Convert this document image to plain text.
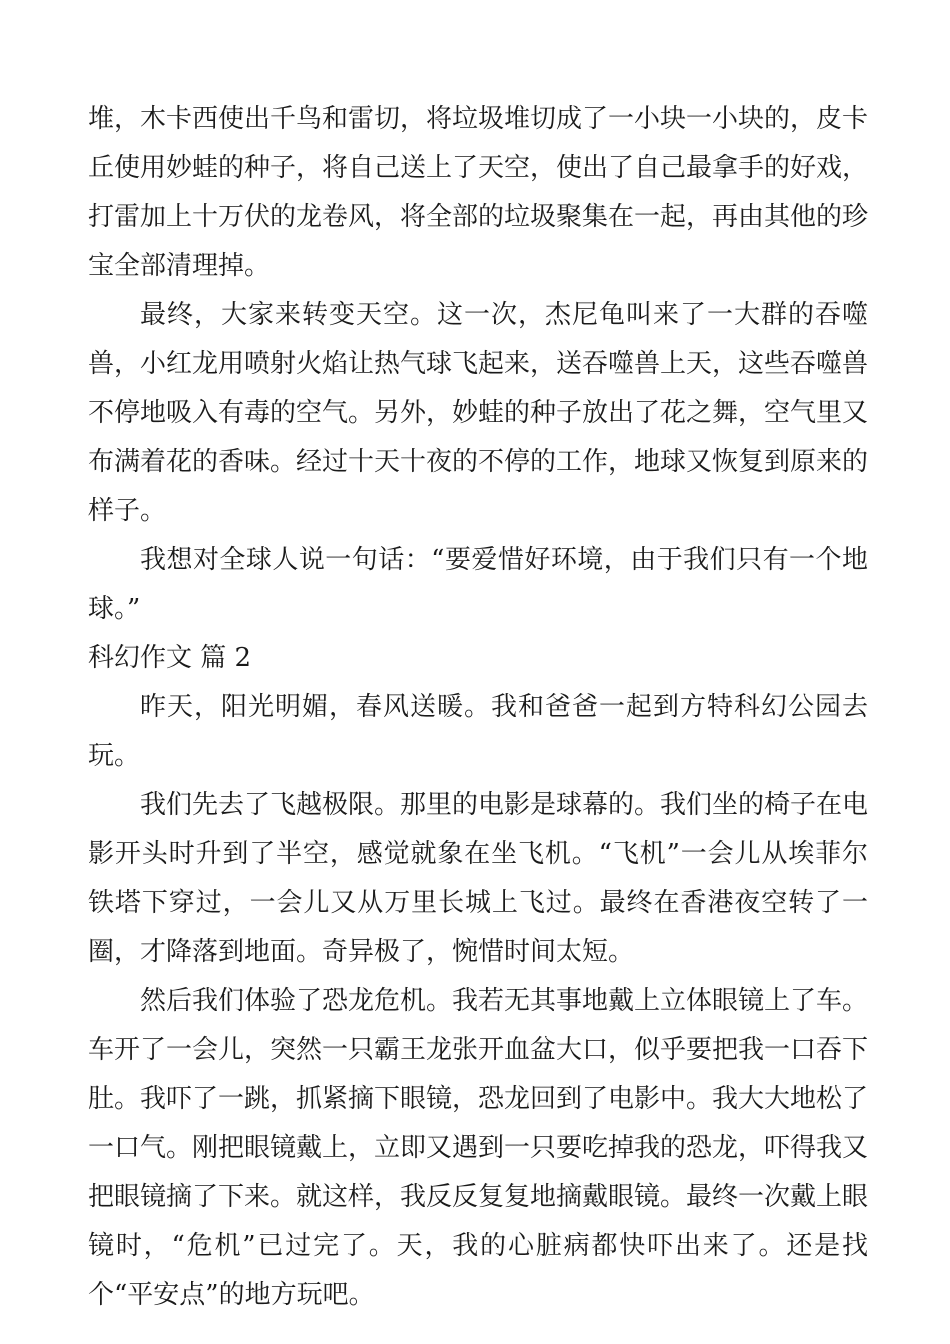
堆，木卡西使出千鸟和雷切，将垃圾堆切成了一小块一小块的，皮卡丘使用妙蛙的种子，将自己送上了天空，使出了自己最拿手的好戏，打雷加上十万伏的龙卷风，将全部的垃圾聚集在一起，再由其他的珍宝全部清理掉。

最终，大家来转变天空。这一次，杰尼龟叫来了一大群的吞噬兽，小红龙用喷射火焰让热气球飞起来，送吞噬兽上天，这些吞噬兽不停地吸入有毒的空气。另外，妙蛙的种子放出了花之舞，空气里又布满着花的香味。经过十天十夜的不停的工作，地球又恢复到原来的样子。

我想对全球人说一句话：“要爱惜好环境，由于我们只有一个地球。”

科幻作文 篇 2

昨天，阳光明媚，春风送暖。我和爸爸一起到方特科幻公园去玩。

我们先去了飞越极限。那里的电影是球幕的。我们坐的椅子在电影开头时升到了半空，感觉就象在坐飞机。“飞机”一会儿从埃菲尔铁塔下穿过，一会儿又从万里长城上飞过。最终在香港夜空转了一圈，才降落到地面。奇异极了，惋惜时间太短。

然后我们体验了恐龙危机。我若无其事地戴上立体眼镜上了车。车开了一会儿，突然一只霸王龙张开血盆大口，似乎要把我一口吞下肚。我吓了一跳，抓紧摘下眼镜，恐龙回到了电影中。我大大地松了一口气。刚把眼镜戴上，立即又遇到一只要吃掉我的恐龙，吓得我又把眼镜摘了下来。就这样，我反反复复地摘戴眼镜。最终一次戴上眼镜时，“危机”已过完了。天，我的心脏病都快吓出来了。还是找个“平安点”的地方玩吧。
